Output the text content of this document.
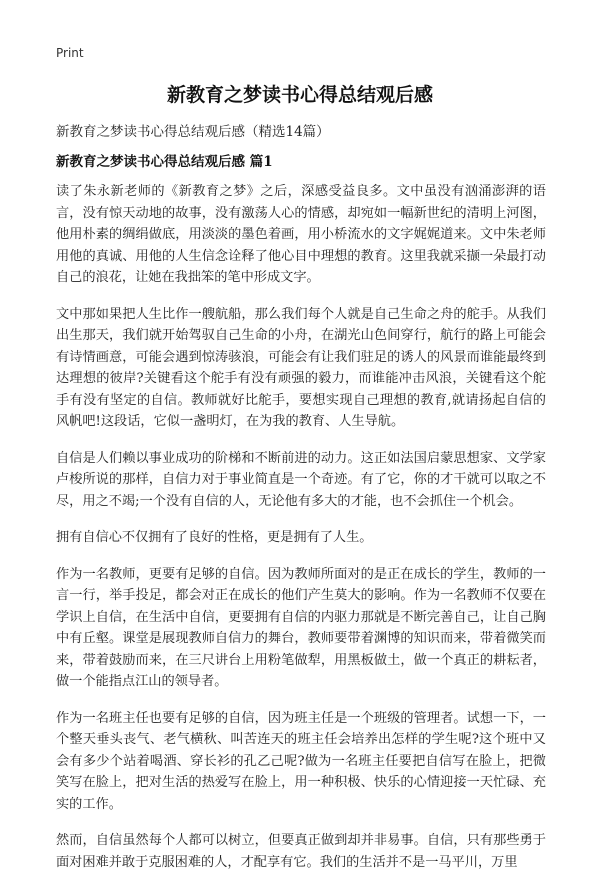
Print
新教育之梦读书心得总结观后感
新教育之梦读书心得总结观后感（精选14篇）
新教育之梦读书心得总结观后感 篇1

读了朱永新老师的《新教育之梦》之后，深感受益良多。文中虽没有汹涌澎湃的语言，没有惊天动地的故事，没有激荡人心的情感，却宛如一幅新世纪的清明上河图，他用朴素的绸绢做底，用淡淡的墨色着画，用小桥流水的文字娓娓道来。文中朱老师用他的真诚、用他的人生信念诠释了他心目中理想的教育。这里我就采撷一朵最打动自己的浪花，让她在我拙笨的笔中形成文字。

文中那如果把人生比作一艘航船，那么我们每个人就是自己生命之舟的舵手。从我们出生那天，我们就开始驾驭自己生命的小舟，在湖光山色间穿行，航行的路上可能会有诗情画意，可能会遇到惊涛骇浪，可能会有让我们驻足的诱人的风景而谁能最终到达理想的彼岸?关键看这个舵手有没有顽强的毅力，而谁能冲击风浪，关键看这个舵手有没有坚定的自信。教师就好比舵手，要想实现自己理想的教育,就请扬起自信的风帆吧!这段话，它似一盏明灯，在为我的教育、人生导航。

自信是人们赖以事业成功的阶梯和不断前进的动力。这正如法国启蒙思想家、文学家卢梭所说的那样，自信力对于事业简直是一个奇迹。有了它，你的才干就可以取之不尽，用之不竭;一个没有自信的人，无论他有多大的才能，也不会抓住一个机会。

拥有自信心不仅拥有了良好的性格，更是拥有了人生。

作为一名教师，更要有足够的自信。因为教师所面对的是正在成长的学生，教师的一言一行，举手投足，都会对正在成长的他们产生莫大的影响。作为一名教师不仅要在学识上自信，在生活中自信，更要拥有自信的内驱力那就是不断完善自己，让自己胸中有丘壑。课堂是展现教师自信力的舞台，教师要带着渊博的知识而来，带着微笑而来，带着鼓励而来，在三尺讲台上用粉笔做犁，用黑板做土，做一个真正的耕耘者，做一个能指点江山的领导者。

作为一名班主任也要有足够的自信，因为班主任是一个班级的管理者。试想一下，一个整天垂头丧气、老气横秋、叫苦连天的班主任会培养出怎样的学生呢?这个班中又会有多少个站着喝酒、穿长衫的孔乙己呢?做为一名班主任要把自信写在脸上，把微笑写在脸上，把对生活的热爱写在脸上，用一种积极、快乐的心情迎接一天忙碌、充实的工作。

然而，自信虽然每个人都可以树立，但要真正做到却并非易事。自信，只有那些勇于面对困难并敢于克服困难的人，才配享有它。我们的生活并不是一马平川，万里
